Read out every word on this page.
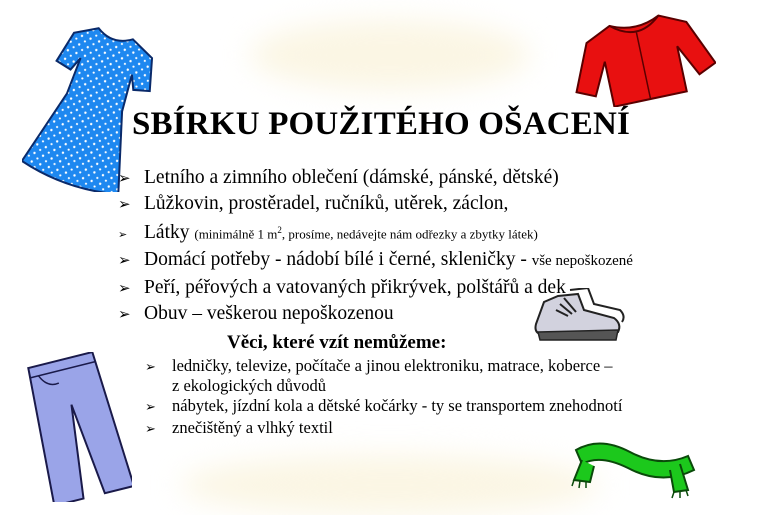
SBÍRKU POUŽITÉHO OŠACENÍ
➢ Letního a zimního oblečení (dámské, pánské, dětské)
➢ Lůžkovin, prostěradel, ručníků, utěrek, záclon,
➢ Látky
(minimálně 1 $m^2$, prosíme, nedávejte nám odřezky a zbytky látek)
➢ Domácí potřeby - nádobí bílé i černé, skleničky - vše nepoškozené
➢ Peří, péřových a vatovaných přikrývek, polštářů a dek
➢ Obuv – veškerou nepoškozenou
Věci, které vzít nemůžeme:
➢ ledničky, televize, počítače a jinou elektroniku, matrace, koberce –
z ekologických důvodů
➢ nábytek, jízdní kola a dětské kočárky - ty se transportem znehodnotí
➢ znečištěný a vlhký textil
